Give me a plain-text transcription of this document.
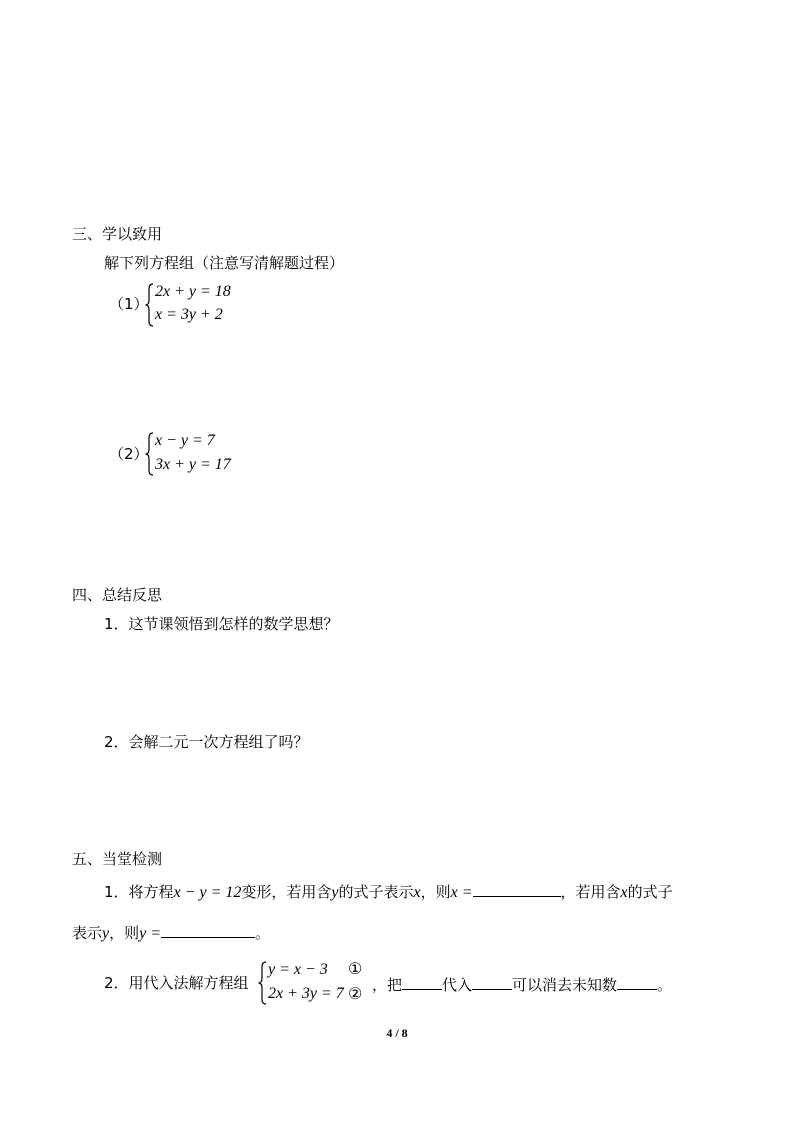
三、学以致用
解下列方程组（注意写清解题过程）
（1）
2x + y = 18
x = 3y + 2
（2）
x − y = 7
3x + y = 17
四、总结反思
1．这节课领悟到怎样的数学思想？
2．会解二元一次方程组了吗？
五、当堂检测
1．将方程x − y = 12变形，若用含y的式子表示x，则x =	，若用含x的式子
表示y，则y =	。
2．用代入法解方程组
y = x − 3 ①
2x + 3y = 7 ②
，把	代入	可以消去未知数	。
4 / 8
